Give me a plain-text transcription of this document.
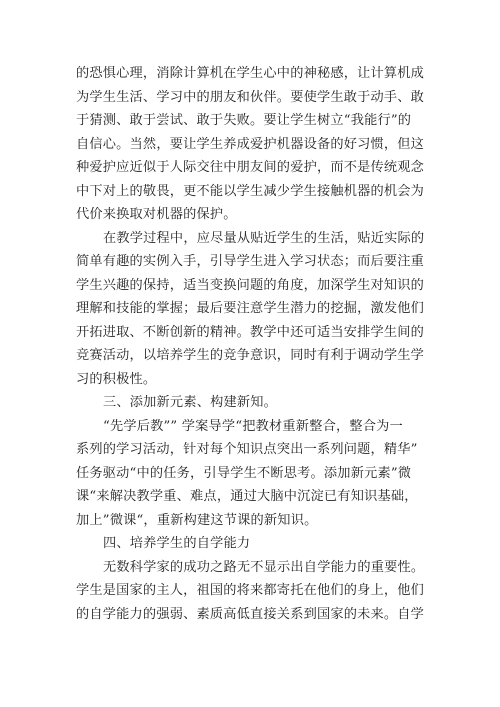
的恐惧心理，消除计算机在学生心中的神秘感，让计算机成
为学生生活、学习中的朋友和伙伴。要使学生敢于动手、敢
于猜测、敢于尝试、敢于失败。要让学生树立“我能行”的
自信心。当然，要让学生养成爱护机器设备的好习惯，但这
种爱护应近似于人际交往中朋友间的爱护，而不是传统观念
中下对上的敬畏，更不能以学生减少学生接触机器的机会为
代价来换取对机器的保护。
在教学过程中，应尽量从贴近学生的生活，贴近实际的
简单有趣的实例入手，引导学生进入学习状态；而后要注重
学生兴趣的保持，适当变换问题的角度，加深学生对知识的
理解和技能的掌握；最后要注意学生潜力的挖掘，激发他们
开拓进取、不断创新的精神。教学中还可适当安排学生间的
竞赛活动，以培养学生的竞争意识，同时有利于调动学生学
习的积极性。
三、添加新元素、构建新知。
“先学后教”” 学案导学“把教材重新整合，整合为一
系列的学习活动，针对每个知识点突出一系列问题，精华”
任务驱动“中的任务，引导学生不断思考。添加新元素”微
课“来解决教学重、难点，通过大脑中沉淀已有知识基础，
加上”微课“，重新构建这节课的新知识。
四、培养学生的自学能力
无数科学家的成功之路无不显示出自学能力的重要性。
学生是国家的主人，祖国的将来都寄托在他们的身上，他们
的自学能力的强弱、素质高低直接关系到国家的未来。自学
